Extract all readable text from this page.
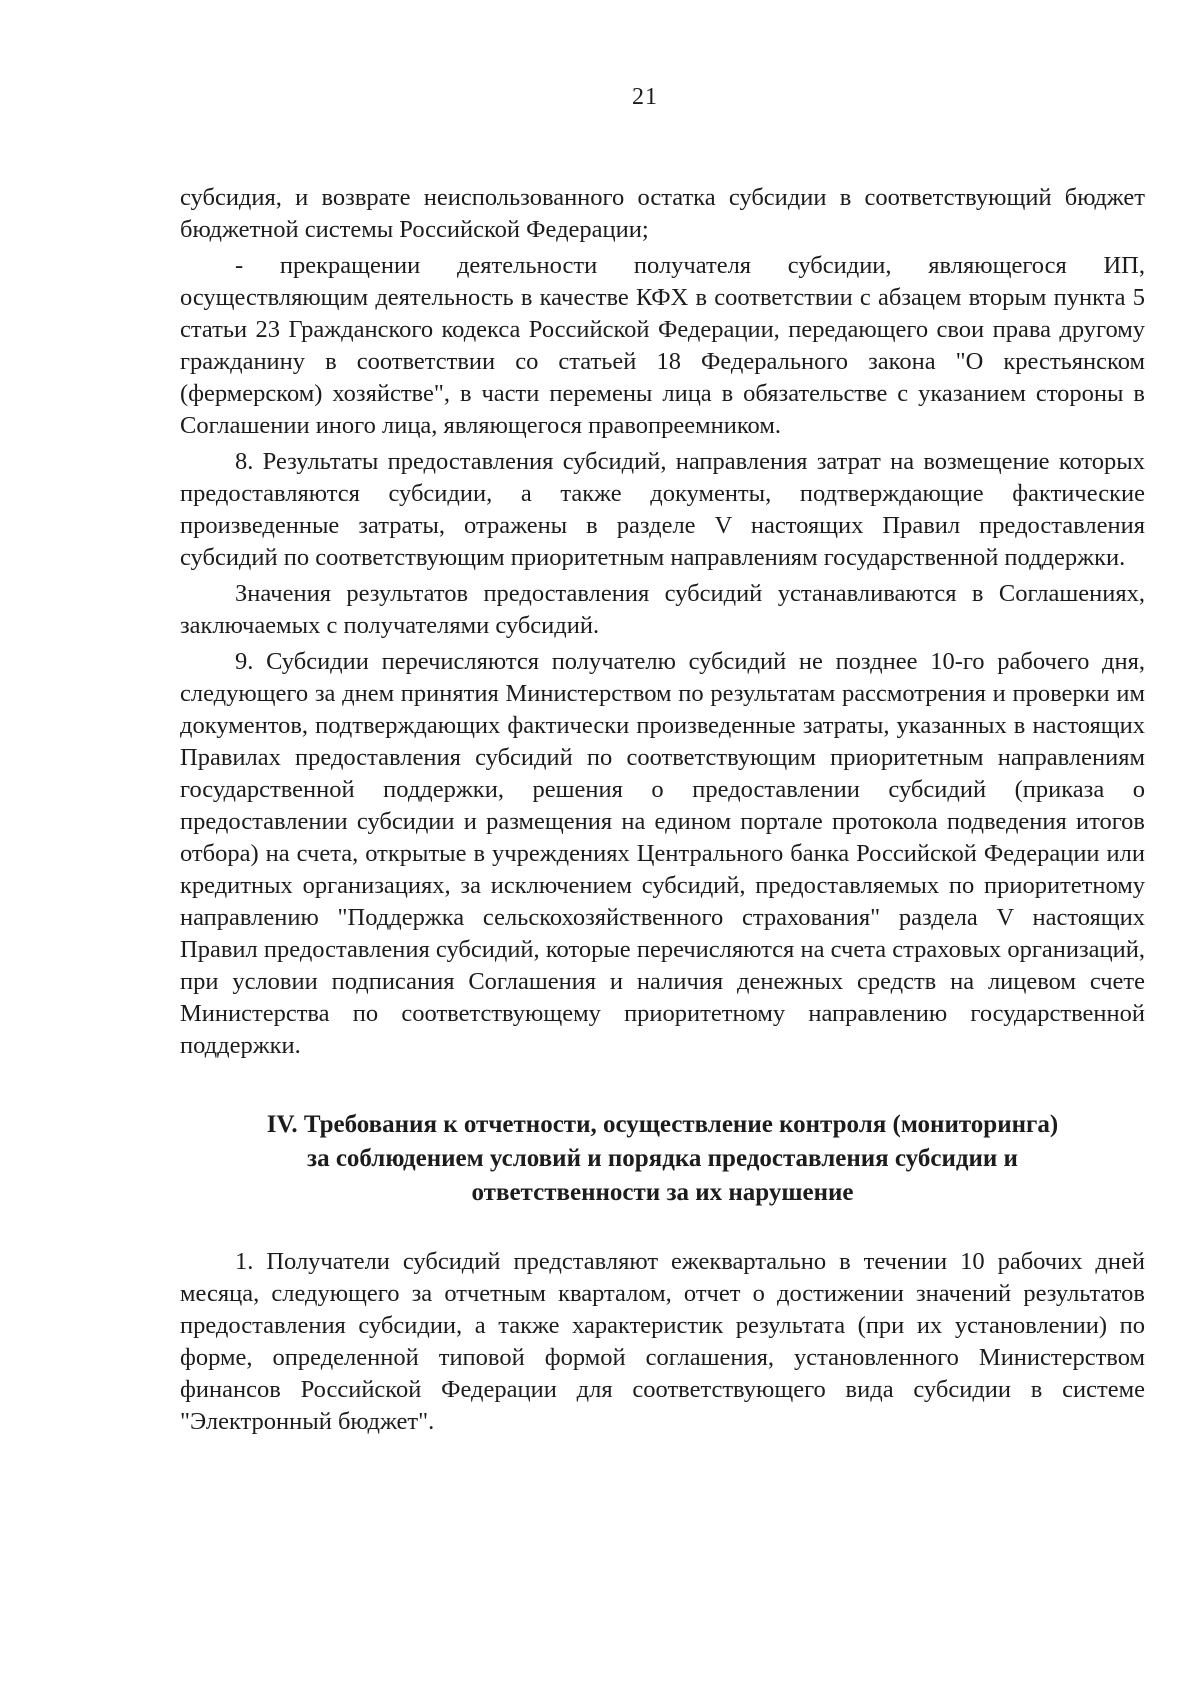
21

субсидия, и возврате неиспользованного остатка субсидии в соответствующий бюджет бюджетной системы Российской Федерации;

- прекращении деятельности получателя субсидии, являющегося ИП, осуществляющим деятельность в качестве КФХ в соответствии с абзацем вторым пункта 5 статьи 23 Гражданского кодекса Российской Федерации, передающего свои права другому гражданину в соответствии со статьей 18 Федерального закона "О крестьянском (фермерском) хозяйстве", в части перемены лица в обязательстве с указанием стороны в Соглашении иного лица, являющегося правопреемником.

8. Результаты предоставления субсидий, направления затрат на возмещение которых предоставляются субсидии, а также документы, подтверждающие фактические произведенные затраты, отражены в разделе V настоящих Правил предоставления субсидий по соответствующим приоритетным направлениям государственной поддержки.

Значения результатов предоставления субсидий устанавливаются в Соглашениях, заключаемых с получателями субсидий.

9. Субсидии перечисляются получателю субсидий не позднее 10-го рабочего дня, следующего за днем принятия Министерством по результатам рассмотрения и проверки им документов, подтверждающих фактически произведенные затраты, указанных в настоящих Правилах предоставления субсидий по соответствующим приоритетным направлениям государственной поддержки, решения о предоставлении субсидий (приказа о предоставлении субсидии и размещения на едином портале протокола подведения итогов отбора) на счета, открытые в учреждениях Центрального банка Российской Федерации или кредитных организациях, за исключением субсидий, предоставляемых по приоритетному направлению "Поддержка сельскохозяйственного страхования" раздела V настоящих Правил предоставления субсидий, которые перечисляются на счета страховых организаций, при условии подписания Соглашения и наличия денежных средств на лицевом счете Министерства по соответствующему приоритетному направлению государственной поддержки.

IV. Требования к отчетности, осуществление контроля (мониторинга)
за соблюдением условий и порядка предоставления субсидии и
ответственности за их нарушение

1. Получатели субсидий представляют ежеквартально в течении 10 рабочих дней месяца, следующего за отчетным кварталом, отчет о достижении значений результатов предоставления субсидии, а также характеристик результата (при их установлении) по форме, определенной типовой формой соглашения, установленного Министерством финансов Российской Федерации для соответствующего вида субсидии в системе "Электронный бюджет".
